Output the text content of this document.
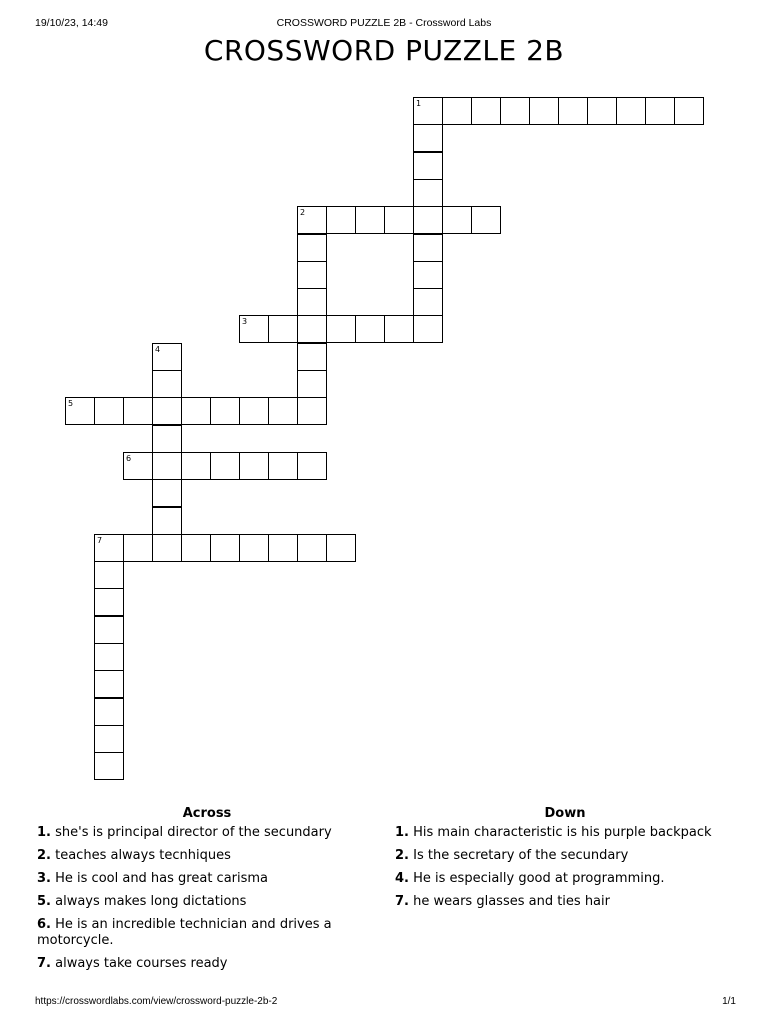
19/10/23, 14:49	CROSSWORD PUZZLE 2B - Crossword Labs
CROSSWORD PUZZLE 2B
1
2
3
4
5
6
7
Across
1. she's is principal director of the secundary
2. teaches always tecnhiques
3. He is cool and has great carisma
5. always makes long dictations
6. He is an incredible technician and drives a motorcycle.
7. always take courses ready
Down
1. His main characteristic is his purple backpack
2. Is the secretary of the secundary
4. He is especially good at programming.
7. he wears glasses and ties hair
https://crosswordlabs.com/view/crossword-puzzle-2b-2	1/1
